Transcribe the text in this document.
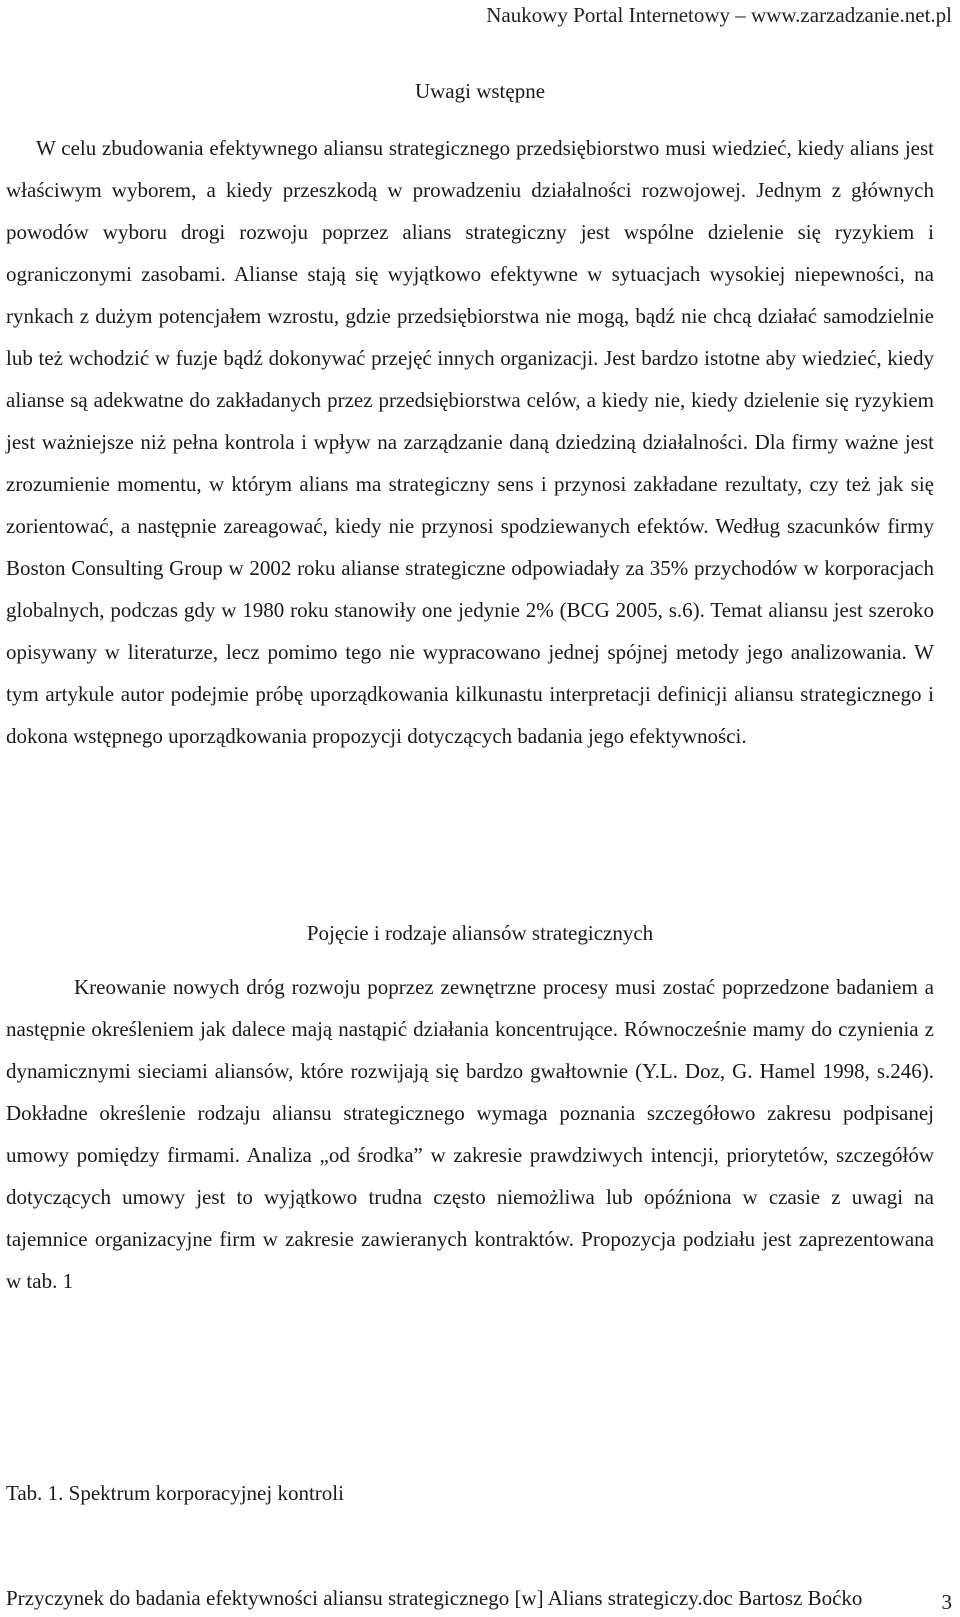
Naukowy Portal Internetowy – www.zarzadzanie.net.pl
Uwagi wstępne
W celu zbudowania efektywnego aliansu strategicznego przedsiębiorstwo musi wiedzieć, kiedy alians jest właściwym wyborem, a kiedy przeszkodą w prowadzeniu działalności rozwojowej. Jednym z głównych powodów wyboru drogi rozwoju poprzez alians strategiczny jest wspólne dzielenie się ryzykiem i ograniczonymi zasobami. Alianse stają się wyjątkowo efektywne w sytuacjach wysokiej niepewności, na rynkach z dużym potencjałem wzrostu, gdzie przedsiębiorstwa nie mogą, bądź nie chcą działać samodzielnie lub też wchodzić w fuzje bądź dokonywać przejęć innych organizacji. Jest bardzo istotne aby wiedzieć, kiedy alianse są adekwatne do zakładanych przez przedsiębiorstwa celów, a kiedy nie, kiedy dzielenie się ryzykiem jest ważniejsze niż pełna kontrola i wpływ na zarządzanie daną dziedziną działalności. Dla firmy ważne jest zrozumienie momentu, w którym alians ma strategiczny sens i przynosi zakładane rezultaty, czy też jak się zorientować, a następnie zareagować, kiedy nie przynosi spodziewanych efektów. Według szacunków firmy Boston Consulting Group w 2002 roku alianse strategiczne odpowiadały za 35% przychodów w korporacjach globalnych, podczas gdy w 1980 roku stanowiły one jedynie 2% (BCG 2005, s.6). Temat aliansu jest szeroko opisywany w literaturze, lecz pomimo tego nie wypracowano jednej spójnej metody jego analizowania. W tym artykule autor podejmie próbę uporządkowania kilkunastu interpretacji definicji aliansu strategicznego i dokona wstępnego uporządkowania propozycji dotyczących badania jego efektywności.
Pojęcie i rodzaje aliansów strategicznych
Kreowanie nowych dróg rozwoju poprzez zewnętrzne procesy musi zostać poprzedzone badaniem a następnie określeniem jak dalece mają nastąpić działania koncentrujące. Równocześnie mamy do czynienia z dynamicznymi sieciami aliansów, które rozwijają się bardzo gwałtownie (Y.L. Doz, G. Hamel 1998, s.246). Dokładne określenie rodzaju aliansu strategicznego wymaga poznania szczegółowo zakresu podpisanej umowy pomiędzy firmami. Analiza „od środka” w zakresie prawdziwych intencji, priorytetów, szczegółów dotyczących umowy jest to wyjątkowo trudna często niemożliwa lub opóźniona w czasie z uwagi na tajemnice organizacyjne firm w zakresie zawieranych kontraktów. Propozycja podziału jest zaprezentowana w tab. 1
Tab. 1. Spektrum korporacyjnej kontroli
Przyczynek do badania efektywności aliansu strategicznego [w] Alians strategiczy.doc Bartosz Boćko	3
